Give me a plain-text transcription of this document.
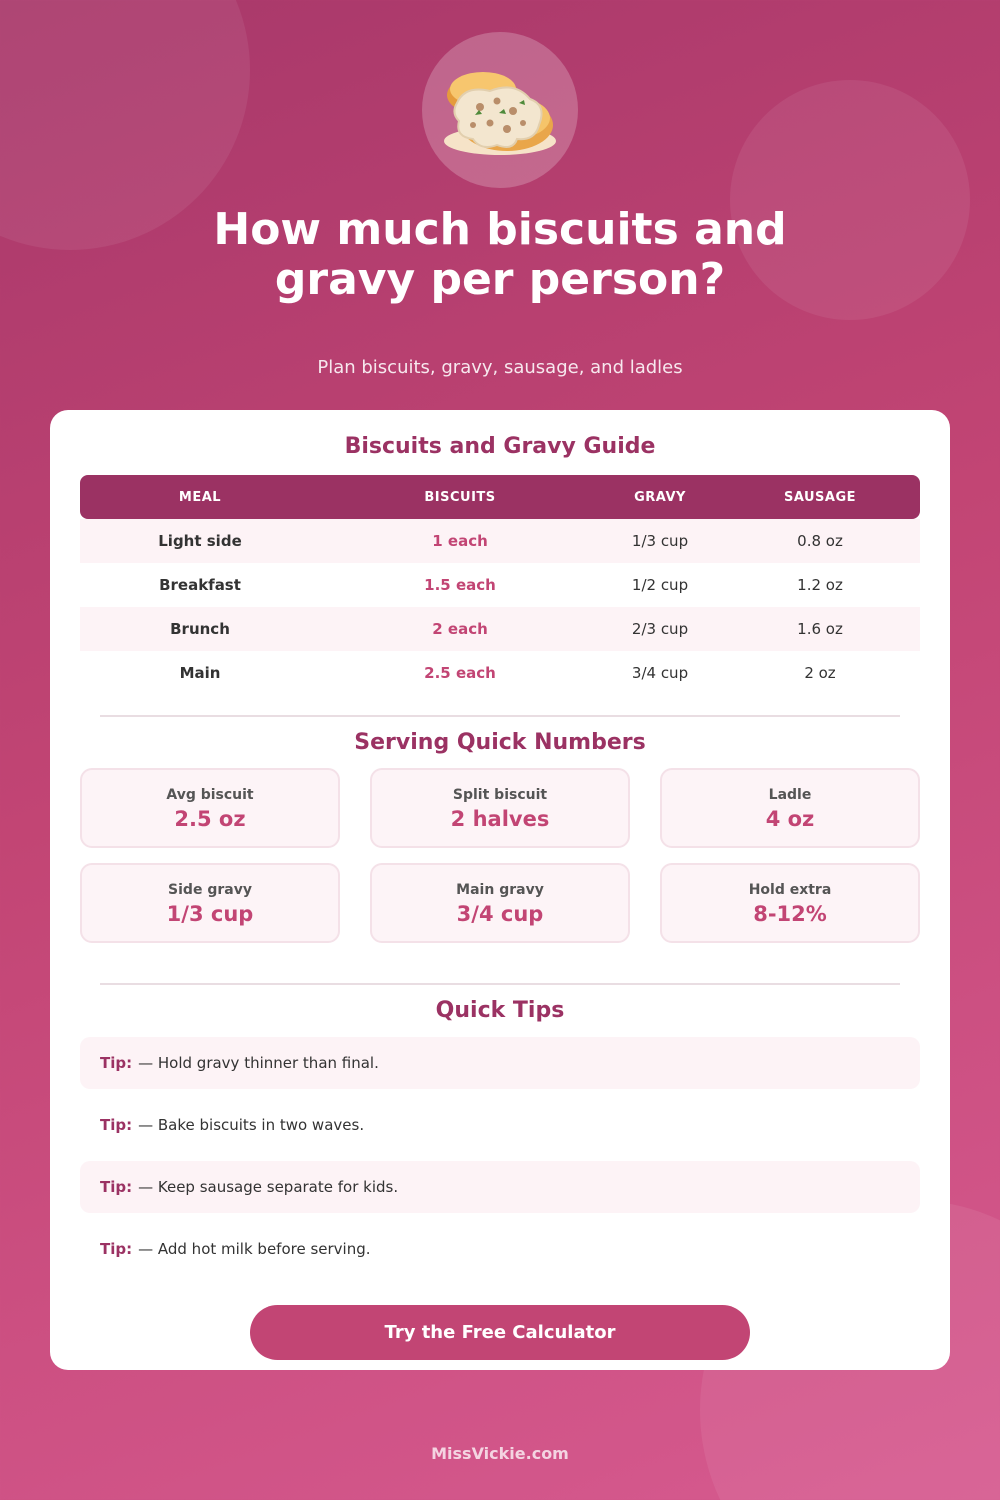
How much biscuits and gravy per person?
Plan biscuits, gravy, sausage, and ladles
Biscuits and Gravy Guide
MEAL	BISCUITS	GRAVY	SAUSAGE
Light side	1 each	1/3 cup	0.8 oz
Breakfast	1.5 each	1/2 cup	1.2 oz
Brunch	2 each	2/3 cup	1.6 oz
Main	2.5 each	3/4 cup	2 oz
Serving Quick Numbers
Avg biscuit
2.5 oz
Split biscuit
2 halves
Ladle
4 oz
Side gravy
1/3 cup
Main gravy
3/4 cup
Hold extra
8-12%
Quick Tips
Tip: — Hold gravy thinner than final.
Tip: — Bake biscuits in two waves.
Tip: — Keep sausage separate for kids.
Tip: — Add hot milk before serving.
Try the Free Calculator
MissVickie.com
